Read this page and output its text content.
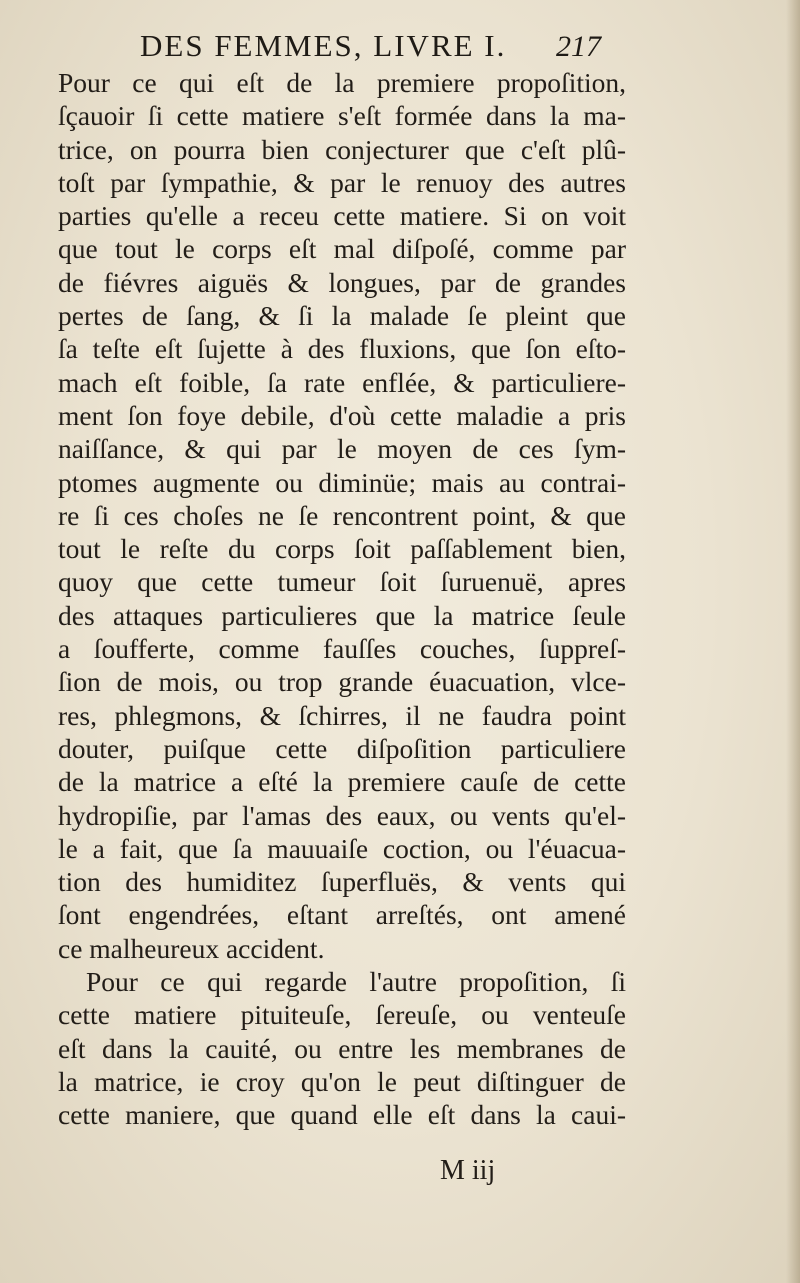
DES FEMMES, LIVRE I. 217
Pour ce qui eſt de la premiere propoſition,
ſçauoir ſi cette matiere s'eſt formée dans la ma-
trice, on pourra bien conjecturer que c'eſt plû-
toſt par ſympathie, & par le renuoy des autres
parties qu'elle a receu cette matiere. Si on voit
que tout le corps eſt mal diſpoſé, comme par
de fiévres aiguës & longues, par de grandes
pertes de ſang, & ſi la malade ſe pleint que
ſa teſte eſt ſujette à des fluxions, que ſon eſto-
mach eſt foible, ſa rate enflée, & particuliere-
ment ſon foye debile, d'où cette maladie a pris
naiſſance, & qui par le moyen de ces ſym-
ptomes augmente ou diminüe; mais au contrai-
re ſi ces choſes ne ſe rencontrent point, & que
tout le reſte du corps ſoit paſſablement bien,
quoy que cette tumeur ſoit ſuruenuë, apres
des attaques particulieres que la matrice ſeule
a ſoufferte, comme fauſſes couches, ſuppreſ-
ſion de mois, ou trop grande éuacuation, vlce-
res, phlegmons, & ſchirres, il ne faudra point
douter, puiſque cette diſpoſition particuliere
de la matrice a eſté la premiere cauſe de cette
hydropiſie, par l'amas des eaux, ou vents qu'el-
le a fait, que ſa mauuaiſe coction, ou l'éuacua-
tion des humiditez ſuperfluës, & vents qui
ſont engendrées, eſtant arreſtés, ont amené
ce malheureux accident.
Pour ce qui regarde l'autre propoſition, ſi
cette matiere pituiteuſe, ſereuſe, ou venteuſe
eſt dans la cauité, ou entre les membranes de
la matrice, ie croy qu'on le peut diſtinguer de
cette maniere, que quand elle eſt dans la caui-
M iij
